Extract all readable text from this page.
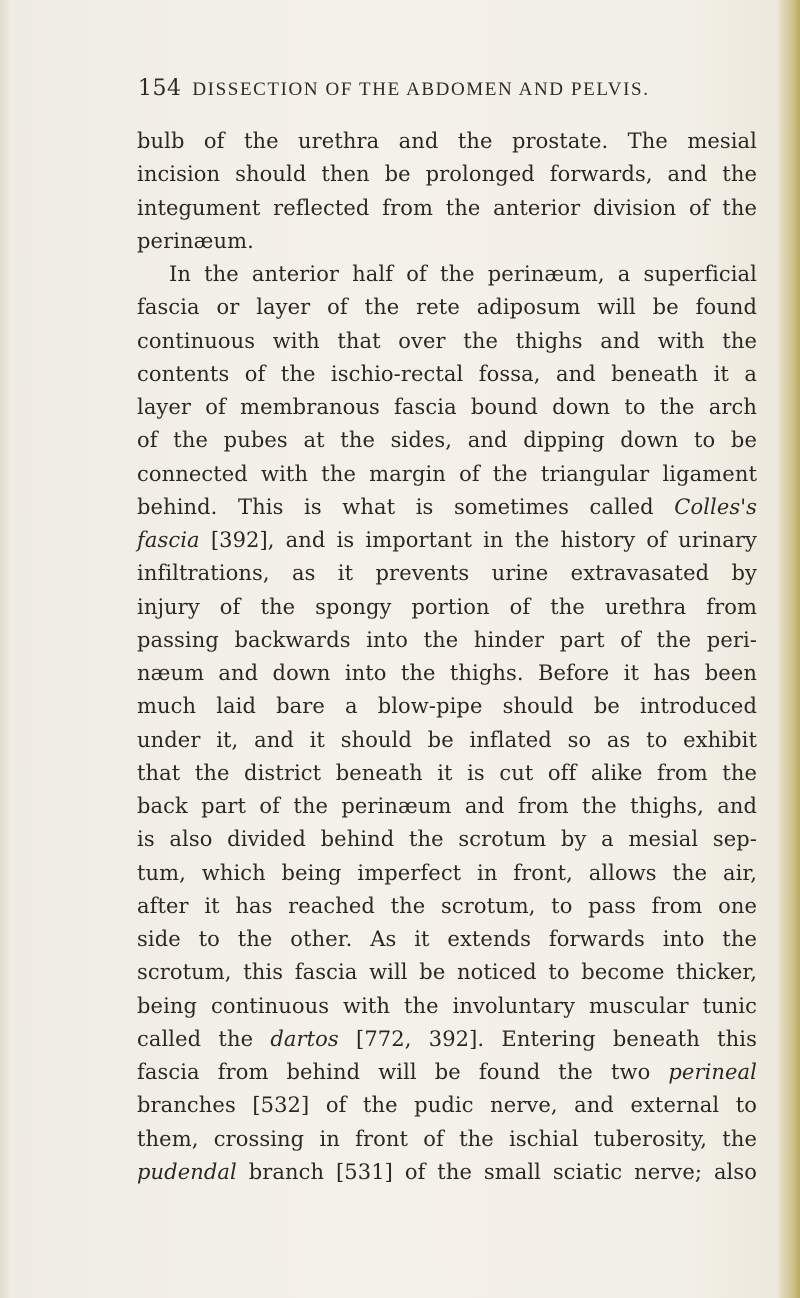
154 DISSECTION OF THE ABDOMEN AND PELVIS.
bulb of the urethra and the prostate. The mesial
incision should then be prolonged forwards, and the
integument reflected from the anterior division of the
perinæum.
In the anterior half of the perinæum, a superficial
fascia or layer of the rete adiposum will be found
continuous with that over the thighs and with the
contents of the ischio-rectal fossa, and beneath it a
layer of membranous fascia bound down to the arch
of the pubes at the sides, and dipping down to be
connected with the margin of the triangular ligament
behind. This is what is sometimes called Colles's
fascia [392], and is important in the history of urinary
infiltrations, as it prevents urine extravasated by
injury of the spongy portion of the urethra from
passing backwards into the hinder part of the peri-
næum and down into the thighs. Before it has been
much laid bare a blow-pipe should be introduced
under it, and it should be inflated so as to exhibit
that the district beneath it is cut off alike from the
back part of the perinæum and from the thighs, and
is also divided behind the scrotum by a mesial sep-
tum, which being imperfect in front, allows the air,
after it has reached the scrotum, to pass from one
side to the other. As it extends forwards into the
scrotum, this fascia will be noticed to become thicker,
being continuous with the involuntary muscular tunic
called the dartos [772, 392]. Entering beneath this
fascia from behind will be found the two perineal
branches [532] of the pudic nerve, and external to
them, crossing in front of the ischial tuberosity, the
pudendal branch [531] of the small sciatic nerve; also
